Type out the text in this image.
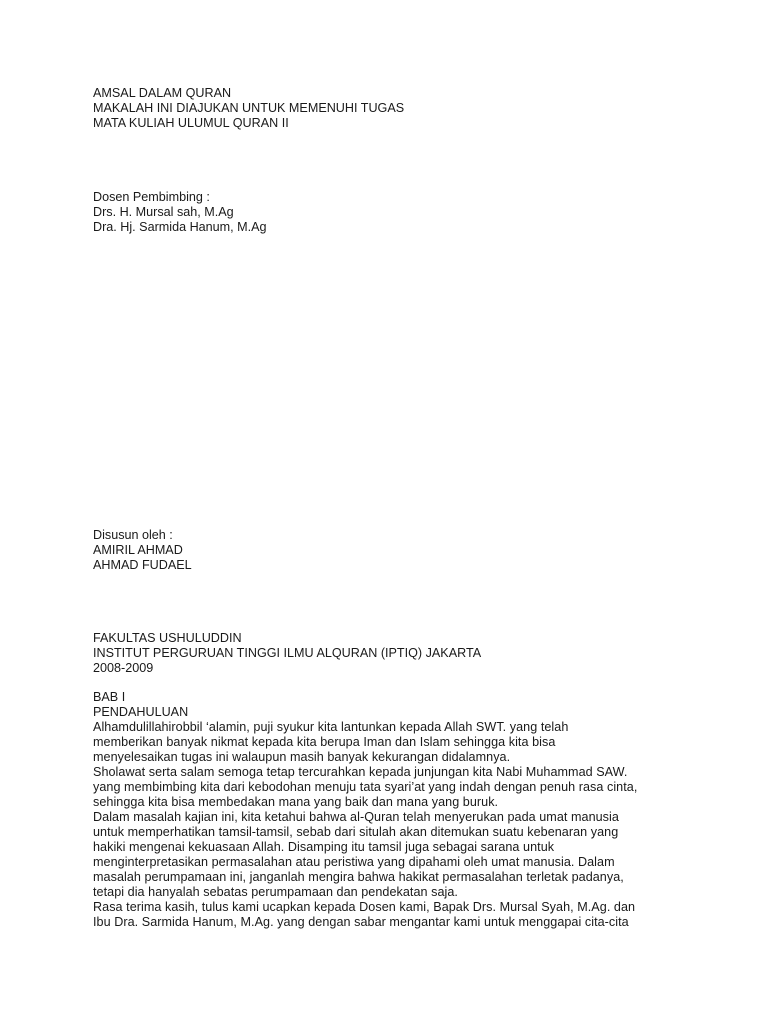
AMSAL DALAM QURAN
MAKALAH INI DIAJUKAN UNTUK MEMENUHI TUGAS
MATA KULIAH ULUMUL QURAN II
Dosen Pembimbing :
Drs. H. Mursal sah, M.Ag
Dra. Hj. Sarmida Hanum, M.Ag
Disusun oleh :
AMIRIL AHMAD
AHMAD FUDAEL
FAKULTAS USHULUDDIN
INSTITUT PERGURUAN TINGGI ILMU ALQURAN (IPTIQ) JAKARTA
2008-2009
BAB I
PENDAHULUAN
Alhamdulillahirobbil ‘alamin, puji syukur kita lantunkan kepada Allah SWT. yang telah
memberikan banyak nikmat kepada kita berupa Iman dan Islam sehingga kita bisa
menyelesaikan tugas ini walaupun masih banyak kekurangan didalamnya.
Sholawat serta salam semoga tetap tercurahkan kepada junjungan kita Nabi Muhammad SAW.
yang membimbing kita dari kebodohan menuju tata syari’at yang indah dengan penuh rasa cinta,
sehingga kita bisa membedakan mana yang baik dan mana yang buruk.
Dalam masalah kajian ini, kita ketahui bahwa al-Quran telah menyerukan pada umat manusia
untuk memperhatikan tamsil-tamsil, sebab dari situlah akan ditemukan suatu kebenaran yang
hakiki mengenai kekuasaan Allah. Disamping itu tamsil juga sebagai sarana untuk
menginterpretasikan permasalahan atau peristiwa yang dipahami oleh umat manusia. Dalam
masalah perumpamaan ini, janganlah mengira bahwa hakikat permasalahan terletak padanya,
tetapi dia hanyalah sebatas perumpamaan dan pendekatan saja.
Rasa terima kasih, tulus kami ucapkan kepada Dosen kami, Bapak Drs. Mursal Syah, M.Ag. dan
Ibu Dra. Sarmida Hanum, M.Ag. yang dengan sabar mengantar kami untuk menggapai cita-cita
